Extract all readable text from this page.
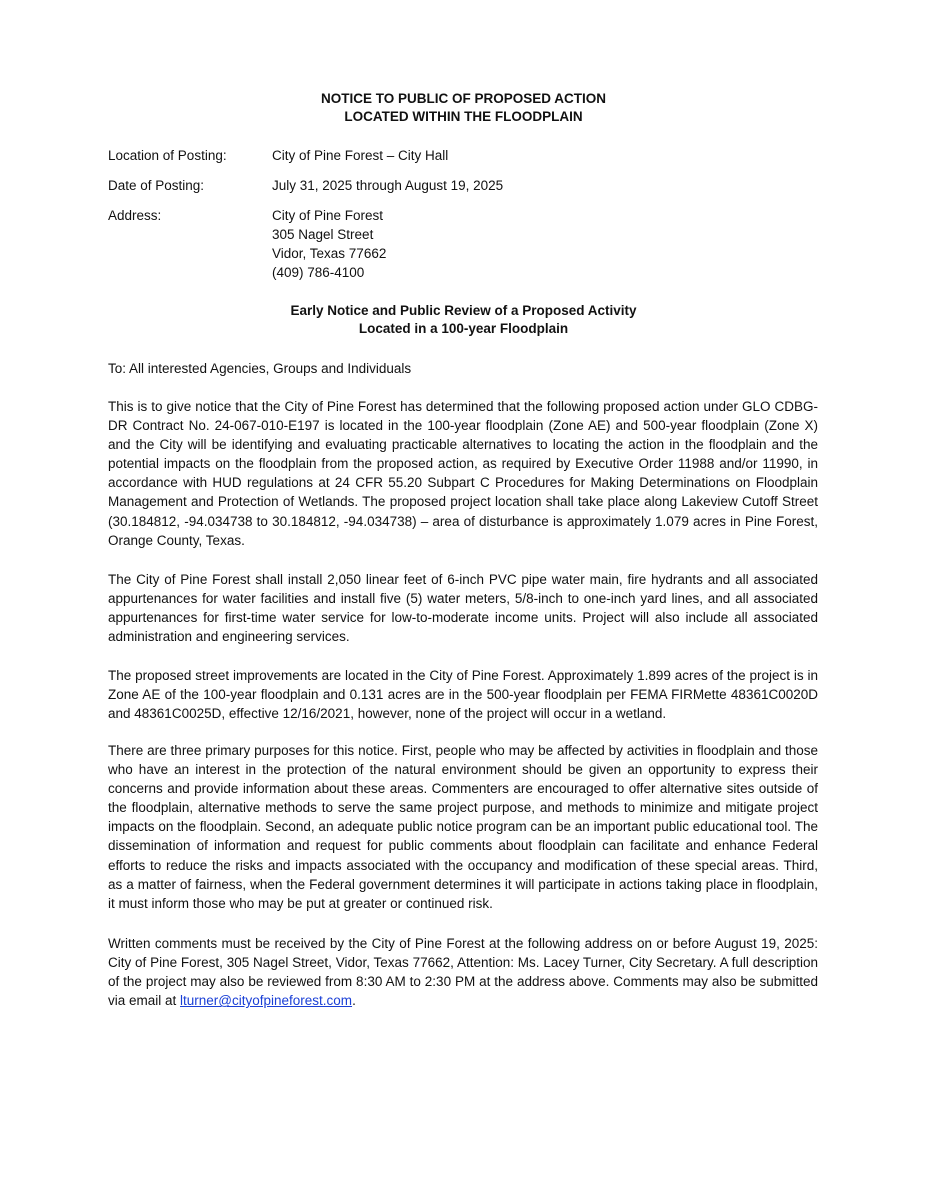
NOTICE TO PUBLIC OF PROPOSED ACTION
LOCATED WITHIN THE FLOODPLAIN
Location of Posting:	City of Pine Forest – City Hall
Date of Posting:	July 31, 2025 through August 19, 2025
Address:	City of Pine Forest
305 Nagel Street
Vidor, Texas 77662
(409) 786-4100
Early Notice and Public Review of a Proposed Activity
Located in a 100-year Floodplain
To: All interested Agencies, Groups and Individuals
This is to give notice that the City of Pine Forest has determined that the following proposed action under GLO CDBG-DR Contract No. 24-067-010-E197 is located in the 100-year floodplain (Zone AE) and 500-year floodplain (Zone X) and the City will be identifying and evaluating practicable alternatives to locating the action in the floodplain and the potential impacts on the floodplain from the proposed action, as required by Executive Order 11988 and/or 11990, in accordance with HUD regulations at 24 CFR 55.20 Subpart C Procedures for Making Determinations on Floodplain Management and Protection of Wetlands. The proposed project location shall take place along Lakeview Cutoff Street (30.184812, -94.034738 to 30.184812, -94.034738) – area of disturbance is approximately 1.079 acres in Pine Forest, Orange County, Texas.
The City of Pine Forest shall install 2,050 linear feet of 6-inch PVC pipe water main, fire hydrants and all associated appurtenances for water facilities and install five (5) water meters, 5/8-inch to one-inch yard lines, and all associated appurtenances for first-time water service for low-to-moderate income units. Project will also include all associated administration and engineering services.
The proposed street improvements are located in the City of Pine Forest. Approximately 1.899 acres of the project is in Zone AE of the 100-year floodplain and 0.131 acres are in the 500-year floodplain per FEMA FIRMette 48361C0020D and 48361C0025D, effective 12/16/2021, however, none of the project will occur in a wetland.
There are three primary purposes for this notice. First, people who may be affected by activities in floodplain and those who have an interest in the protection of the natural environment should be given an opportunity to express their concerns and provide information about these areas. Commenters are encouraged to offer alternative sites outside of the floodplain, alternative methods to serve the same project purpose, and methods to minimize and mitigate project impacts on the floodplain. Second, an adequate public notice program can be an important public educational tool. The dissemination of information and request for public comments about floodplain can facilitate and enhance Federal efforts to reduce the risks and impacts associated with the occupancy and modification of these special areas. Third, as a matter of fairness, when the Federal government determines it will participate in actions taking place in floodplain, it must inform those who may be put at greater or continued risk.
Written comments must be received by the City of Pine Forest at the following address on or before August 19, 2025: City of Pine Forest, 305 Nagel Street, Vidor, Texas 77662, Attention: Ms. Lacey Turner, City Secretary. A full description of the project may also be reviewed from 8:30 AM to 2:30 PM at the address above. Comments may also be submitted via email at lturner@cityofpineforest.com.
